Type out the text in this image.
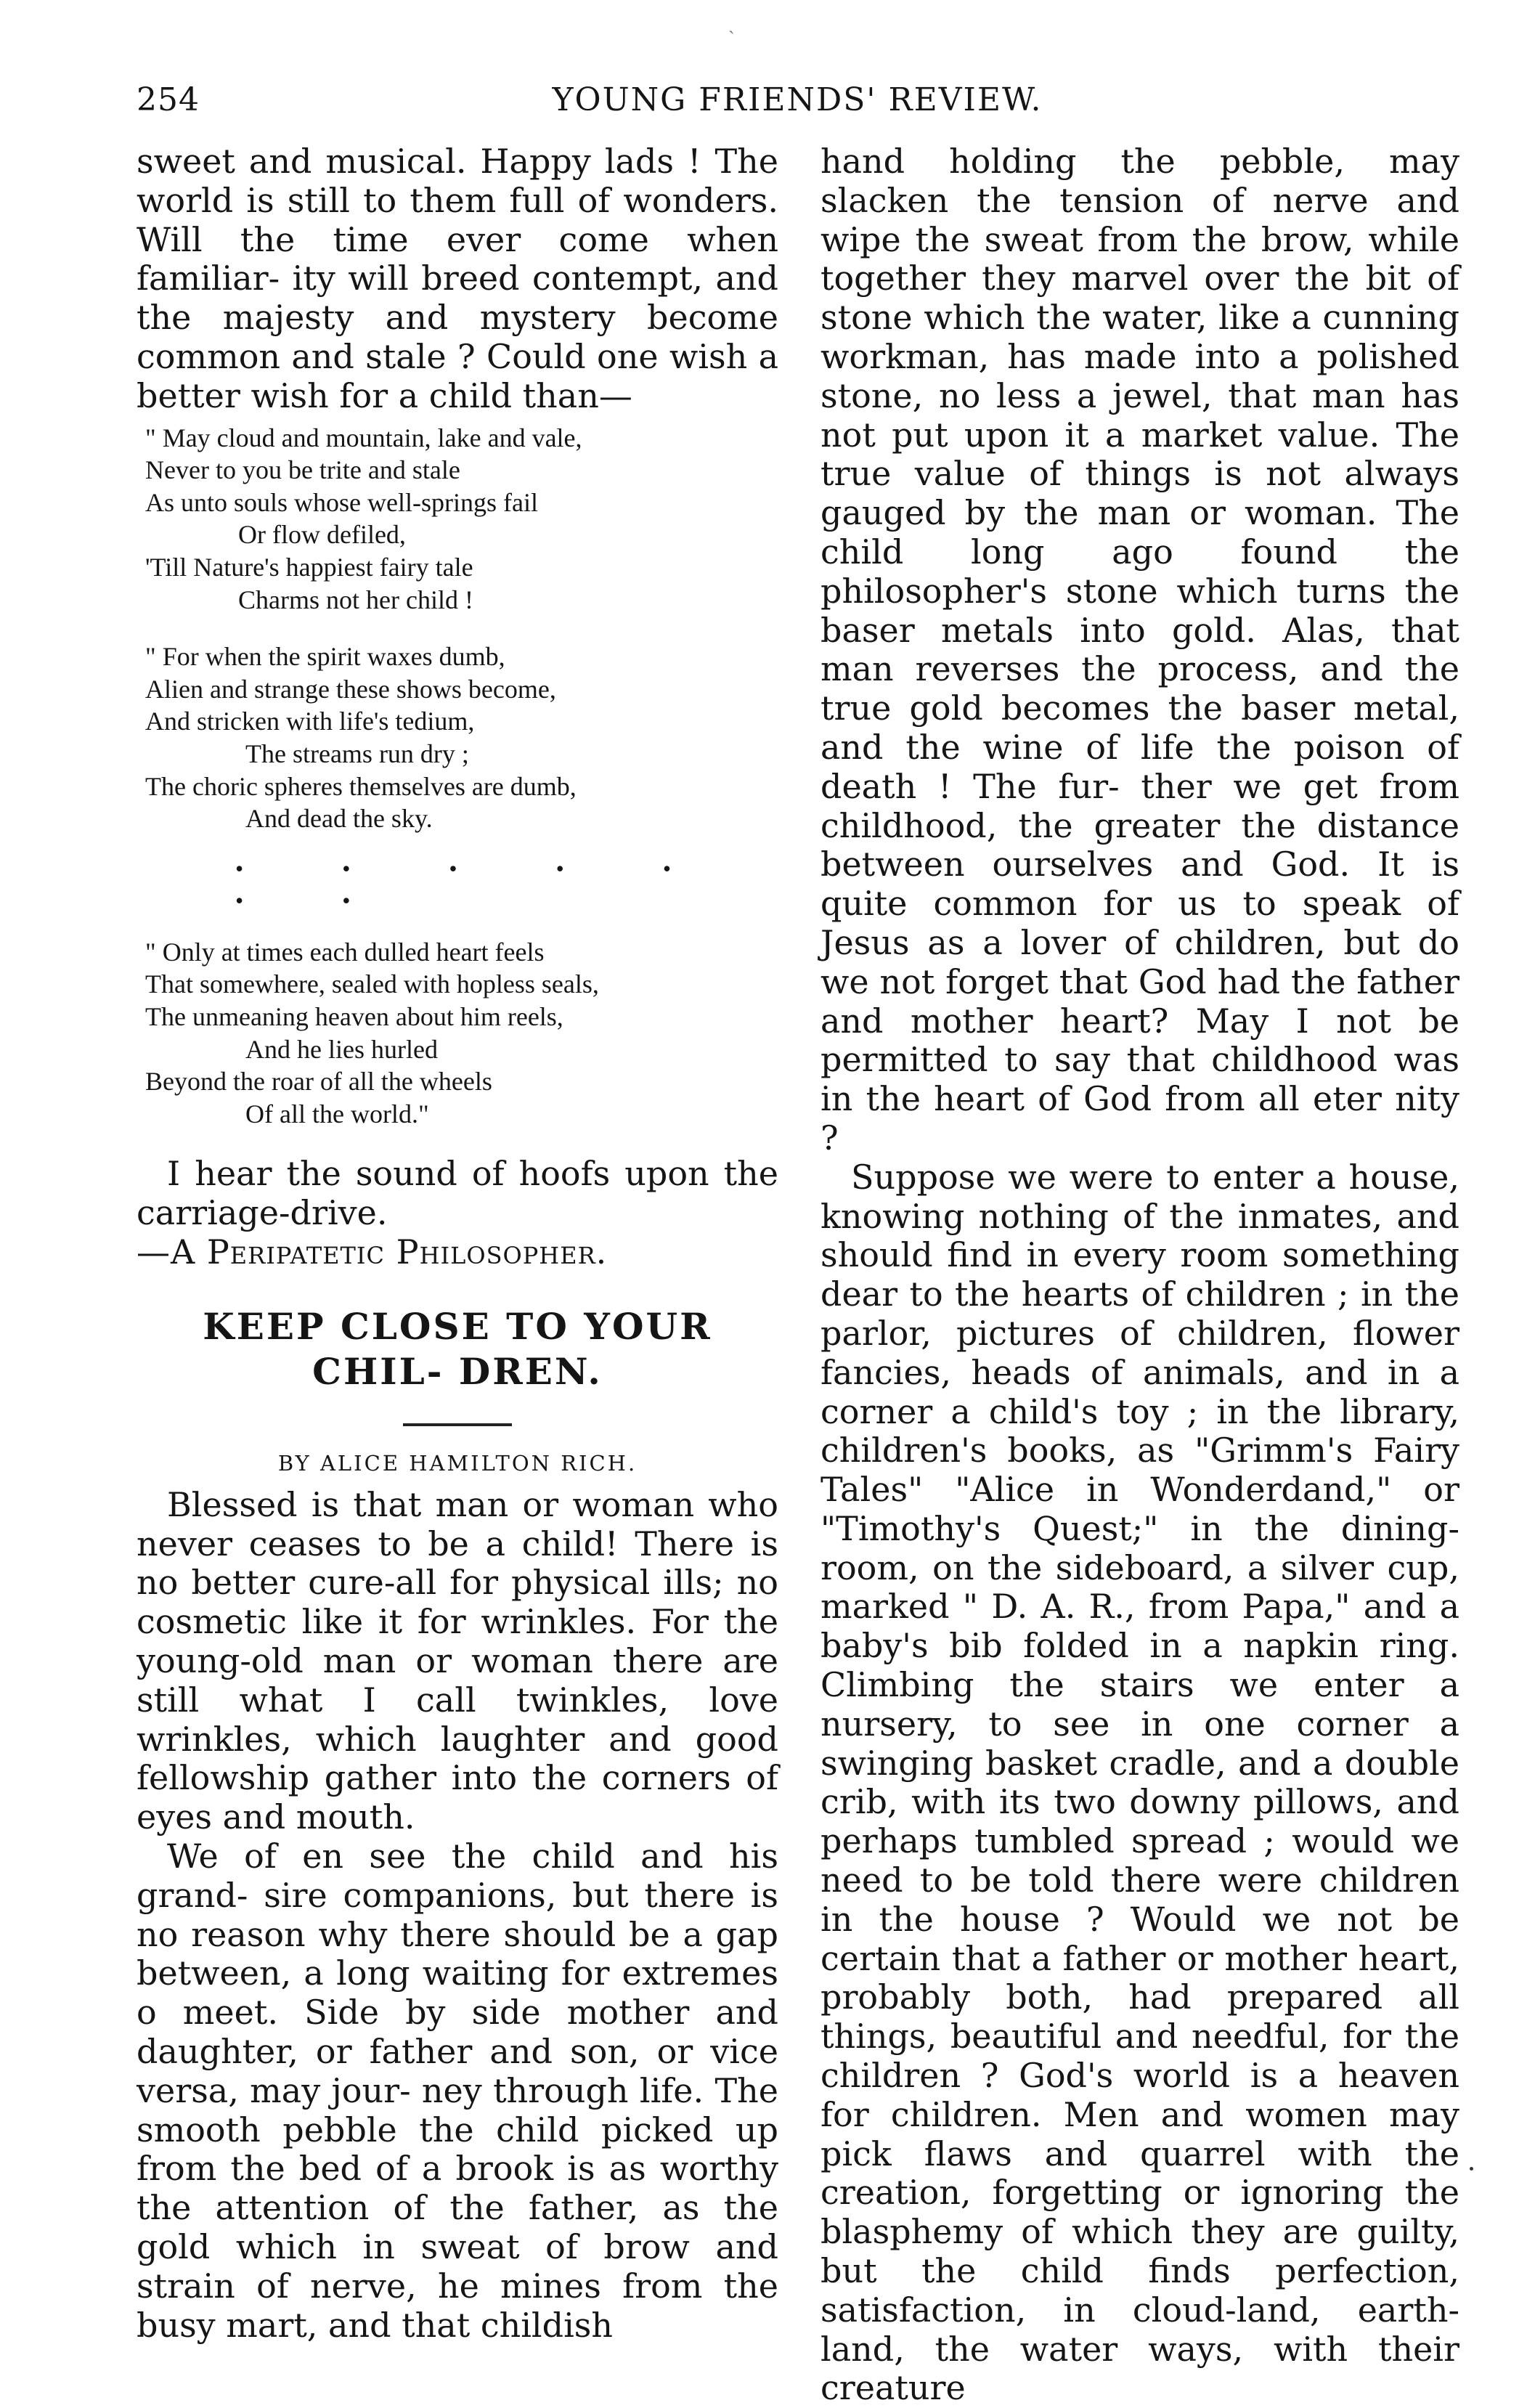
ˎ
254	YOUNG FRIENDS' REVIEW.

sweet and musical. Happy lads ! The world is still to them full of wonders. Will the time ever come when familiar- ity will breed contempt, and the majesty and mystery become common and stale ? Could one wish a better wish for a child than—

" May cloud and mountain, lake and vale,
Never to you be trite and stale
As unto souls whose well-springs fail
Or flow defiled,
'Till Nature's happiest fairy tale
Charms not her child !
" For when the spirit waxes dumb,
Alien and strange these shows become,
And stricken with life's tedium,
The streams run dry ;
The choric spheres themselves are dumb,
And dead the sky.
• • • • • • •
" Only at times each dulled heart feels
That somewhere, sealed with hopless seals,
The unmeaning heaven about him reels,
And he lies hurled
Beyond the roar of all the wheels
Of all the world."

I hear the sound of hoofs upon the carriage-drive.

—A Peripatetic Philosopher.

KEEP CLOSE TO YOUR CHIL- DREN.
BY ALICE HAMILTON RICH.

Blessed is that man or woman who never ceases to be a child! There is no better cure-all for physical ills; no cosmetic like it for wrinkles. For the young-old man or woman there are still what I call twinkles, love wrinkles, which laughter and good fellowship gather into the corners of eyes and mouth.

We of en see the child and his grand- sire companions, but there is no reason why there should be a gap between, a long waiting for extremes o meet. Side by side mother and daughter, or father and son, or vice versa, may jour- ney through life. The smooth pebble the child picked up from the bed of a brook is as worthy the attention of the father, as the gold which in sweat of brow and strain of nerve, he mines from the busy mart, and that childish

hand holding the pebble, may slacken the tension of nerve and wipe the sweat from the brow, while together they marvel over the bit of stone which the water, like a cunning workman, has made into a polished stone, no less a jewel, that man has not put upon it a market value. The true value of things is not always gauged by the man or woman. The child long ago found the philosopher's stone which turns the baser metals into gold. Alas, that man reverses the process, and the true gold becomes the baser metal, and the wine of life the poison of death ! The fur- ther we get from childhood, the greater the distance between ourselves and God. It is quite common for us to speak of Jesus as a lover of children, but do we not forget that God had the father and mother heart? May I not be permitted to say that childhood was in the heart of God from all eter nity ?

Suppose we were to enter a house, knowing nothing of the inmates, and should find in every room something dear to the hearts of children ; in the parlor, pictures of children, flower fancies, heads of animals, and in a corner a child's toy ; in the library, children's books, as "Grimm's Fairy Tales" "Alice in Wonderdand," or "Timothy's Quest;" in the dining-room, on the sideboard, a silver cup, marked " D. A. R., from Papa," and a baby's bib folded in a napkin ring. Climbing the stairs we enter a nursery, to see in one corner a swinging basket cradle, and a double crib, with its two downy pillows, and perhaps tumbled spread ; would we need to be told there were children in the house ? Would we not be certain that a father or mother heart, probably both, had prepared all things, beautiful and needful, for the children ? God's world is a heaven for children. Men and women may pick flaws and quarrel with the creation, forgetting or ignoring the blasphemy of which they are guilty, but the child finds perfection, satisfaction, in cloud-land, earth-land, the water ways, with their creature
